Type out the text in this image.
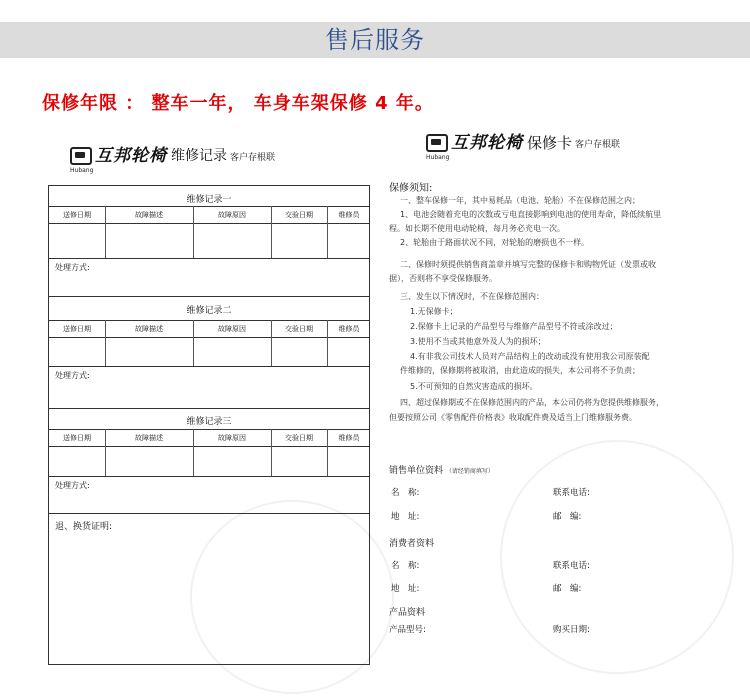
售后服务
保修年限 ： 整车一年， 车身车架保修 4 年。
互邦轮椅 维修记录 客户存根联
Hubang
维修记录一
送修日期	故障描述	故障原因	交验日期	维修员
处理方式:
维修记录二
送修日期	故障描述	故障原因	交验日期	维修员
处理方式:
维修记录三
送修日期	故障描述	故障原因	交验日期	维修员
处理方式:
退、换货证明:
互邦轮椅 保修卡 客户存根联
Hubang
保修须知:
一、整车保修一年，其中易耗品（电池、轮胎）不在保修范围之内；
1、电池会随着充电的次数或亏电直接影响到电池的使用寿命，降低续航里
程。如长期不使用电动轮椅，每月务必充电一次。
2、轮胎由于路面状况不同，对轮胎的磨损也不一样。
二、保修时须提供销售商盖章并填写完整的保修卡和购物凭证（发票或收
据），否则将不享受保修服务。
三、发生以下情况时，不在保修范围内：
1.无保修卡；
2.保修卡上记录的产品型号与维修产品型号不符或涂改过；
3.使用不当或其他意外及人为的损坏；
4.有非我公司技术人员对产品结构上的改动或没有使用我公司原装配
件维修的，保修期将被取消，由此造成的损失，本公司将不予负责；
5.不可预知的自然灾害造成的损坏。
四、超过保修期或不在保修范围内的产品，本公司仍将为您提供维修服务，
但要按照公司《零售配件价格表》收取配件费及适当上门维修服务费。
销售单位资料 （请经销商填写）
名　称:	联系电话:
地　址:	邮　编:
消费者资料
名　称:	联系电话:
地　址:	邮　编:
产品资料
产品型号:	购买日期:
